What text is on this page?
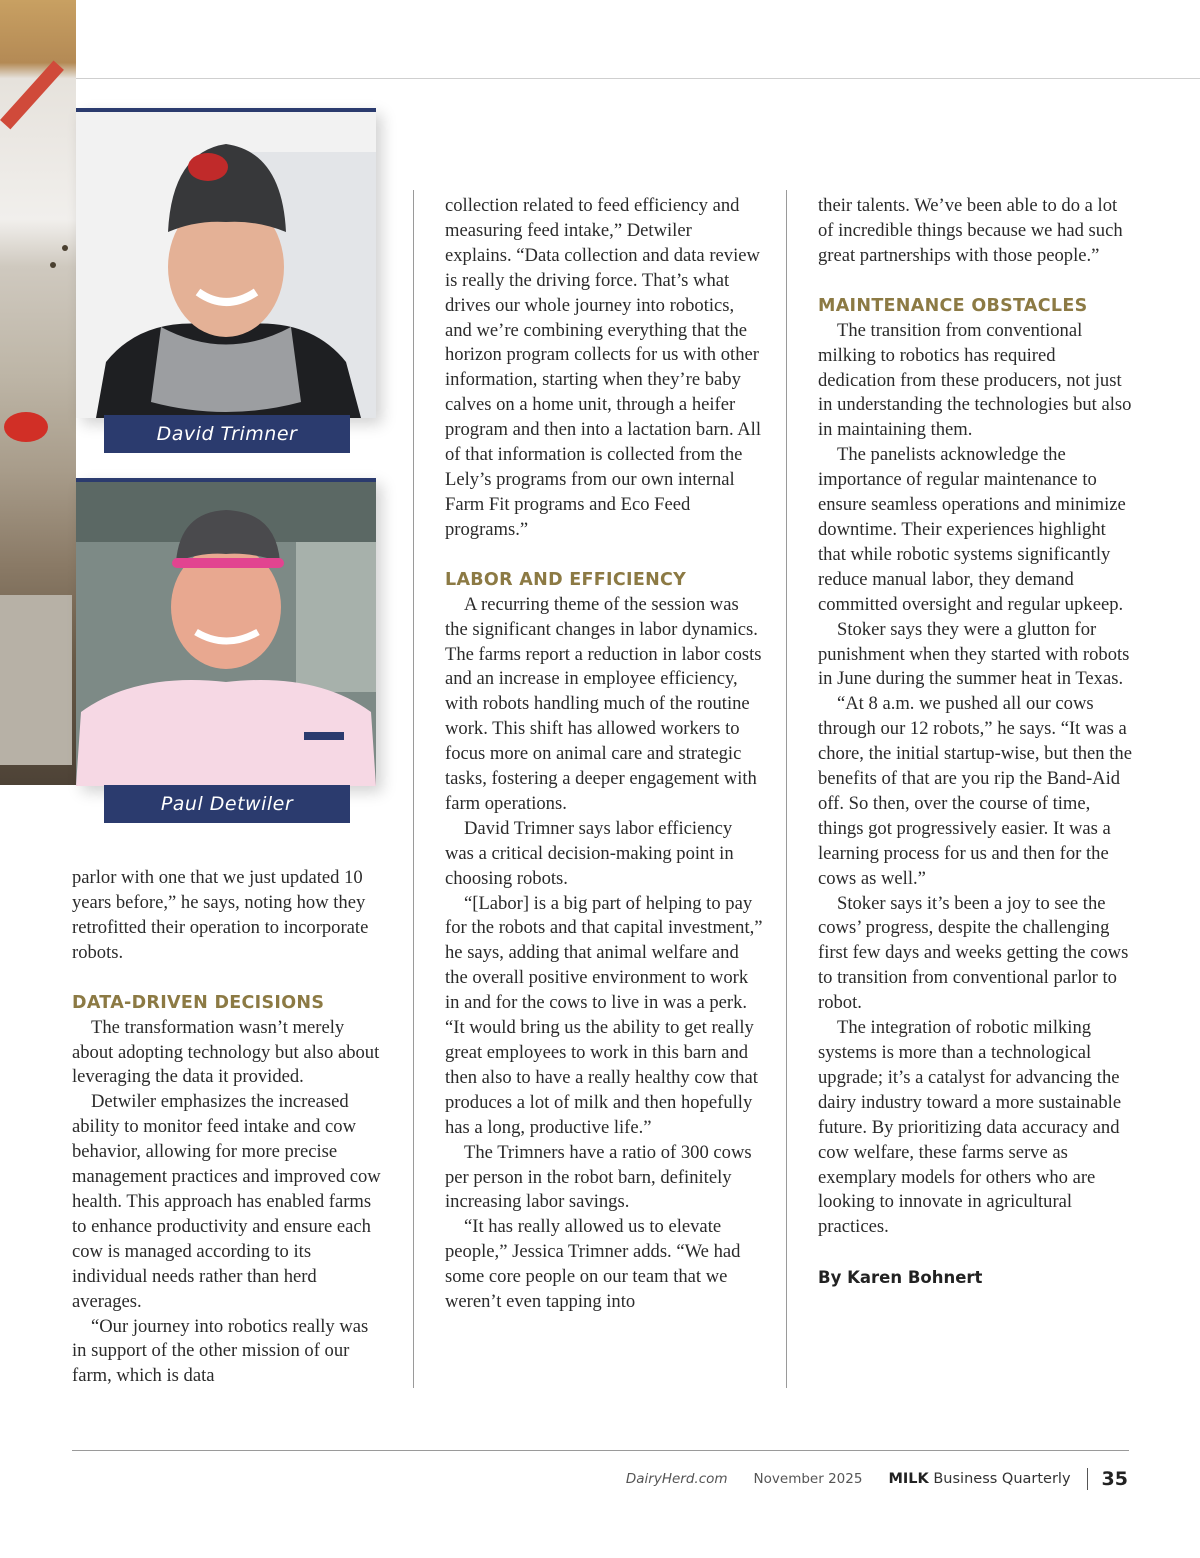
David Trimner
Paul Detwiler

parlor with one that we just updated 10 years before,” he says, noting how they retrofitted their operation to incorporate robots.

DATA-DRIVEN DECISIONS

The transformation wasn’t merely about adopting technology but also about leveraging the data it provided.

Detwiler emphasizes the increased ability to monitor feed intake and cow behavior, allowing for more precise management practices and improved cow health. This approach has enabled farms to enhance productivity and ensure each cow is managed according to its individual needs rather than herd averages.

“Our journey into robotics really was in support of the other mission of our farm, which is data

collection related to feed efficiency and measuring feed intake,” Detwiler explains. “Data collection and data review is really the driving force. That’s what drives our whole journey into robotics, and we’re combining everything that the horizon program collects for us with other information, starting when they’re baby calves on a home unit, through a heifer program and then into a lactation barn. All of that information is collected from the Lely’s programs from our own internal Farm Fit programs and Eco Feed programs.”

LABOR AND EFFICIENCY

A recurring theme of the session was the significant changes in labor dynamics. The farms report a reduction in labor costs and an increase in employee efficiency, with robots handling much of the routine work. This shift has allowed workers to focus more on animal care and strategic tasks, fostering a deeper engagement with farm operations.

David Trimner says labor efficiency was a critical decision-making point in choosing robots.

“[Labor] is a big part of helping to pay for the robots and that capital investment,” he says, adding that animal welfare and the overall positive environment to work in and for the cows to live in was a perk. “It would bring us the ability to get really great employees to work in this barn and then also to have a really healthy cow that produces a lot of milk and then hopefully has a long, productive life.”

The Trimners have a ratio of 300 cows per person in the robot barn, definitely increasing labor savings.

“It has really allowed us to elevate people,” Jessica Trimner adds. “We had some core people on our team that we weren’t even tapping into

their talents. We’ve been able to do a lot of incredible things because we had such great partnerships with those people.”

MAINTENANCE OBSTACLES

The transition from conventional milking to robotics has required dedication from these producers, not just in understanding the technologies but also in maintaining them.

The panelists acknowledge the importance of regular maintenance to ensure seamless operations and minimize downtime. Their experiences highlight that while robotic systems significantly reduce manual labor, they demand committed oversight and regular upkeep.

Stoker says they were a glutton for punishment when they started with robots in June during the summer heat in Texas.

“At 8 a.m. we pushed all our cows through our 12 robots,” he says. “It was a chore, the initial startup-wise, but then the benefits of that are you rip the Band-Aid off. So then, over the course of time, things got progressively easier. It was a learning process for us and then for the cows as well.”

Stoker says it’s been a joy to see the cows’ progress, despite the challenging first few days and weeks getting the cows to transition from conventional parlor to robot.

The integration of robotic milking systems is more than a technological upgrade; it’s a catalyst for advancing the dairy industry toward a more sustainable future. By prioritizing data accuracy and cow welfare, these farms serve as exemplary models for others who are looking to innovate in agricultural practices.

By Karen Bohnert
DairyHerd.com November 2025 MILK Business Quarterly 35
